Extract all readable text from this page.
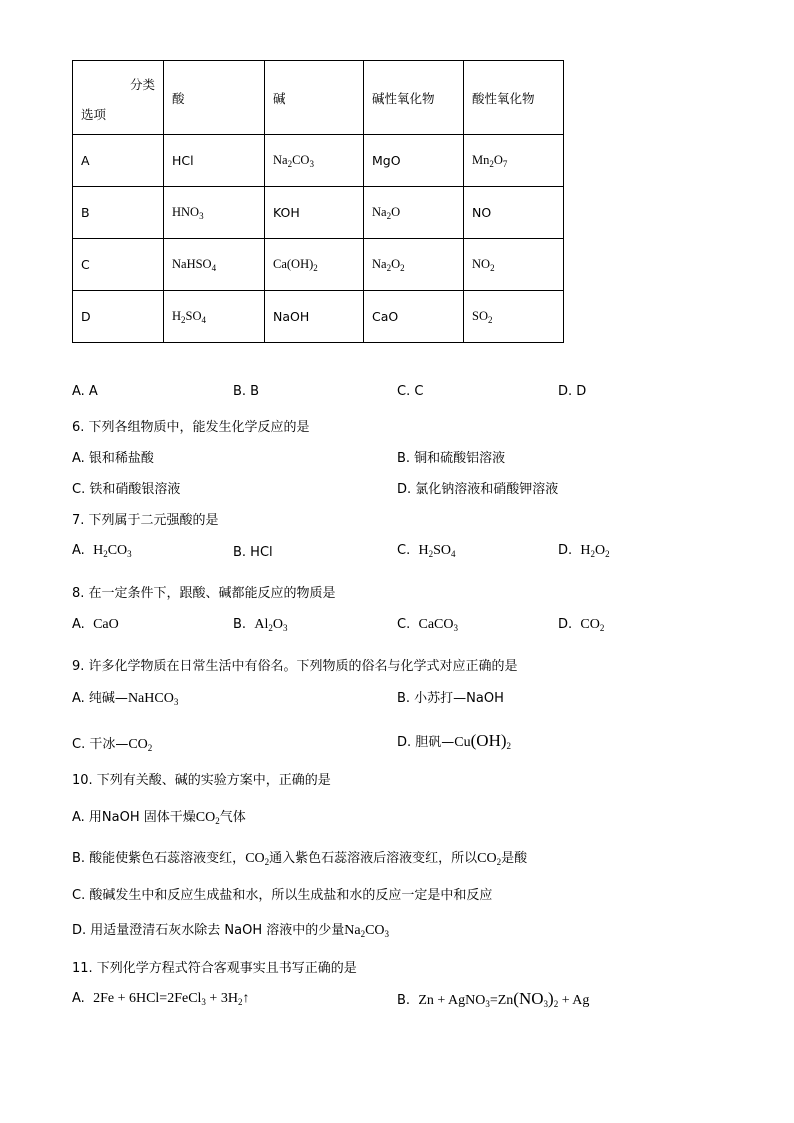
分类
选项	酸	碱	碱性氧化物	酸性氧化物
A	HCl	$Na_2CO_3$	MgO	$Mn_2O_7$
B	$HNO_3$	KOH	$Na_2O$	NO
C	NaHSO$_4$	$Ca(OH)_2$	$Na_2O_2$	$NO_2$
D	$H_2SO_4$	NaOH	CaO	$SO_2$
A. A	B. B	C. C	D. D
6. 下列各组物质中，能发生化学反应的是
A. 银和稀盐酸	B. 铜和硫酸铝溶液
C. 铁和硝酸银溶液	D. 氯化钠溶液和硝酸钾溶液
7. 下列属于二元强酸的是
A. $H_2CO_3$	B. HCl	C. $H_2SO_4$	D. $H_2O_2$
8. 在一定条件下，跟酸、碱都能反应的物质是
A. CaO	B. $Al_2O_3$	C. CaCO$_3$	D. $CO_2$
9. 许多化学物质在日常生活中有俗名。下列物质的俗名与化学式对应正确的是
A. 纯碱—NaHCO$_3$	B. 小苏打—NaOH
C. 干冰$—CO_2$	D. 胆矾$—Cu(OH)_2$
10. 下列有关酸、碱的实验方案中，正确的是
A. 用NaOH 固体干燥$CO_2$气体
B. 酸能使紫色石蕊溶液变红，$CO_2$通入紫色石蕊溶液后溶液变红，所以$CO_2$是酸
C. 酸碱发生中和反应生成盐和水，所以生成盐和水的反应一定是中和反应
D. 用适量澄清石灰水除去 NaOH 溶液中的少量$Na_2CO_3$
11. 下列化学方程式符合客观事实且书写正确的是
A. 2Fe + 6HCl=2FeCl$_3$ + $3H_2↑$	B. $Zn + AgNO_3=Zn(NO_3)_2 + Ag$
